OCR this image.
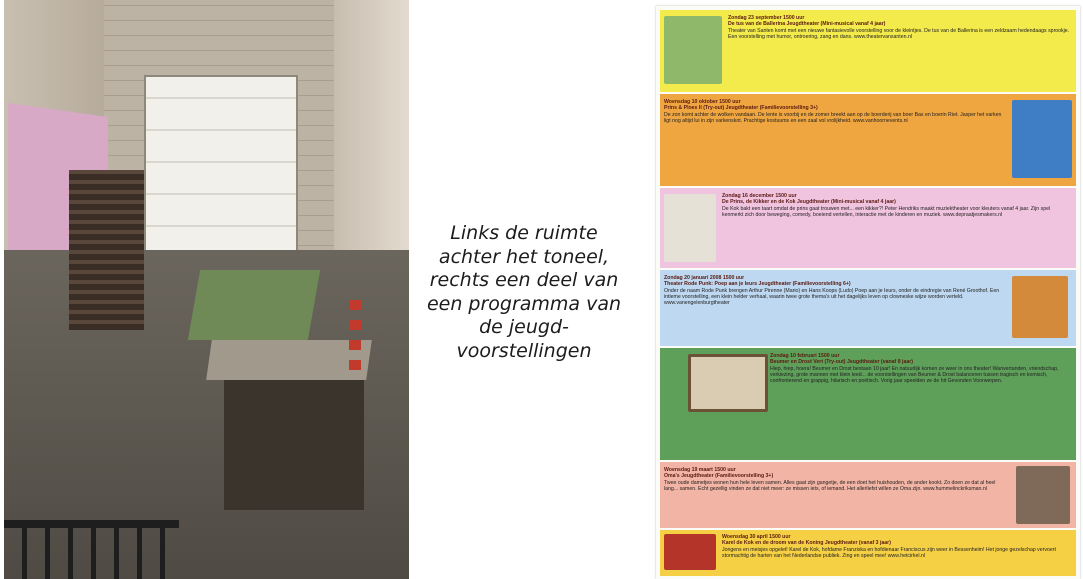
Links de ruimte achter het toneel, rechts een deel van een programma van de jeugd-voorstellingen
Zondag 23 september 1500 uur
De tus van de Ballerina Jeugdtheater (Mini-musical vanaf 4 jaar)
Theater van Santen komt met een nieuwe fantasievolle voorstelling voor de kleintjes. De tus van de Ballerina is een zeldzaam hedendaags sprookje. Een voorstelling met humor, ontroering, zang en dans. www.theatervansanten.nl
Woensdag 10 oktober 1500 uur
Prins & Ploes II (Try-out) Jeugdtheater (Familievoorstelling 3+)
De zon komt achter de wolken vandaan. De lente is voorbij en de zomer breekt aan op de boerderij van boer Bas en boerin Riet. Jasper het varken ligt nog altijd lui in zijn varkenskot. Prachtige kostuums en een zaal vol vrolijkheid. www.vanhoornevents.nl
Zondag 16 december 1500 uur
De Prins, de Kikker en de Kok Jeugdtheater (Mini-musical vanaf 4 jaar)
De Kok bakt een taart omdat de prins gaat trouwen met... een kikker?! Peter Hendriks maakt muziektheater voor kleuters vanaf 4 jaar. Zijn spel kenmerkt zich door beweging, comedy, boeiend vertellen, interactie met de kinderen en muziek. www.depraatjesmakers.nl
Zondag 20 januari 2008 1500 uur
Theater Rode Punk: Poep aan je Ieurs Jeugdtheater (Familievoorstelling 6+)
Onder de naam Rode Punk brengen Arthur Pirenne (Mario) en Hans Koops (Ludo) Poep aan je Ieurs, onder de eindregie van René Groothof. Een intieme voorstelling, een klein helder verhaal, waarin twee grote thema's uit het dagelijks leven op clowneske wijze worden verteld. www.vanengelenburgtheater
Zondag 10 februari 1500 uur
Beumer en Drost Vert (Try-out) Jeugdtheater (vanaf 8 jaar)
Hiep, hiep, hoera! Beumer en Drost bestaan 10 jaar! En natuurlijk komen ze weer in ons theater! Wanvertanden, vriendschap, verkiezing, grote mannen met klein leed... de voorstellingen van Beumer & Drost balanceren tussen tragisch en komisch, confronterend en grappig, hilarisch en poëtisch. Vorig jaar speelden ze de hit Gevonden Voorwerpen.
Woensdag 19 maart 1500 uur
Oma's Jeugdtheater (Familievoorstelling 3+)
Twee oude dametjes wonen hun hele leven samen. Alles gaat zijn gangetje, de een doet het huishouden, de ander kookt. Zo doen ze dat al heel lang... samen. Echt gezellig vinden ze dat niet meer: ze missen iets, of iemand. Het allerliefst willen ze Oma zijn. www.hummelinckriksman.nl
Woensdag 30 april 1500 uur
Karel de Kok en de droom van de Koning Jeugdtheater (vanaf 3 jaar)
Jongens en meisjes opgelet! Karel de Kok, hofdame Franziska en hofdienaar Franciscus zijn weer in Bessenheim! Het jonge gezelschap vervoert stormachtig de harten van het Nederlandse publiek. Zing en speel mee! www.hetcirkel.nl
